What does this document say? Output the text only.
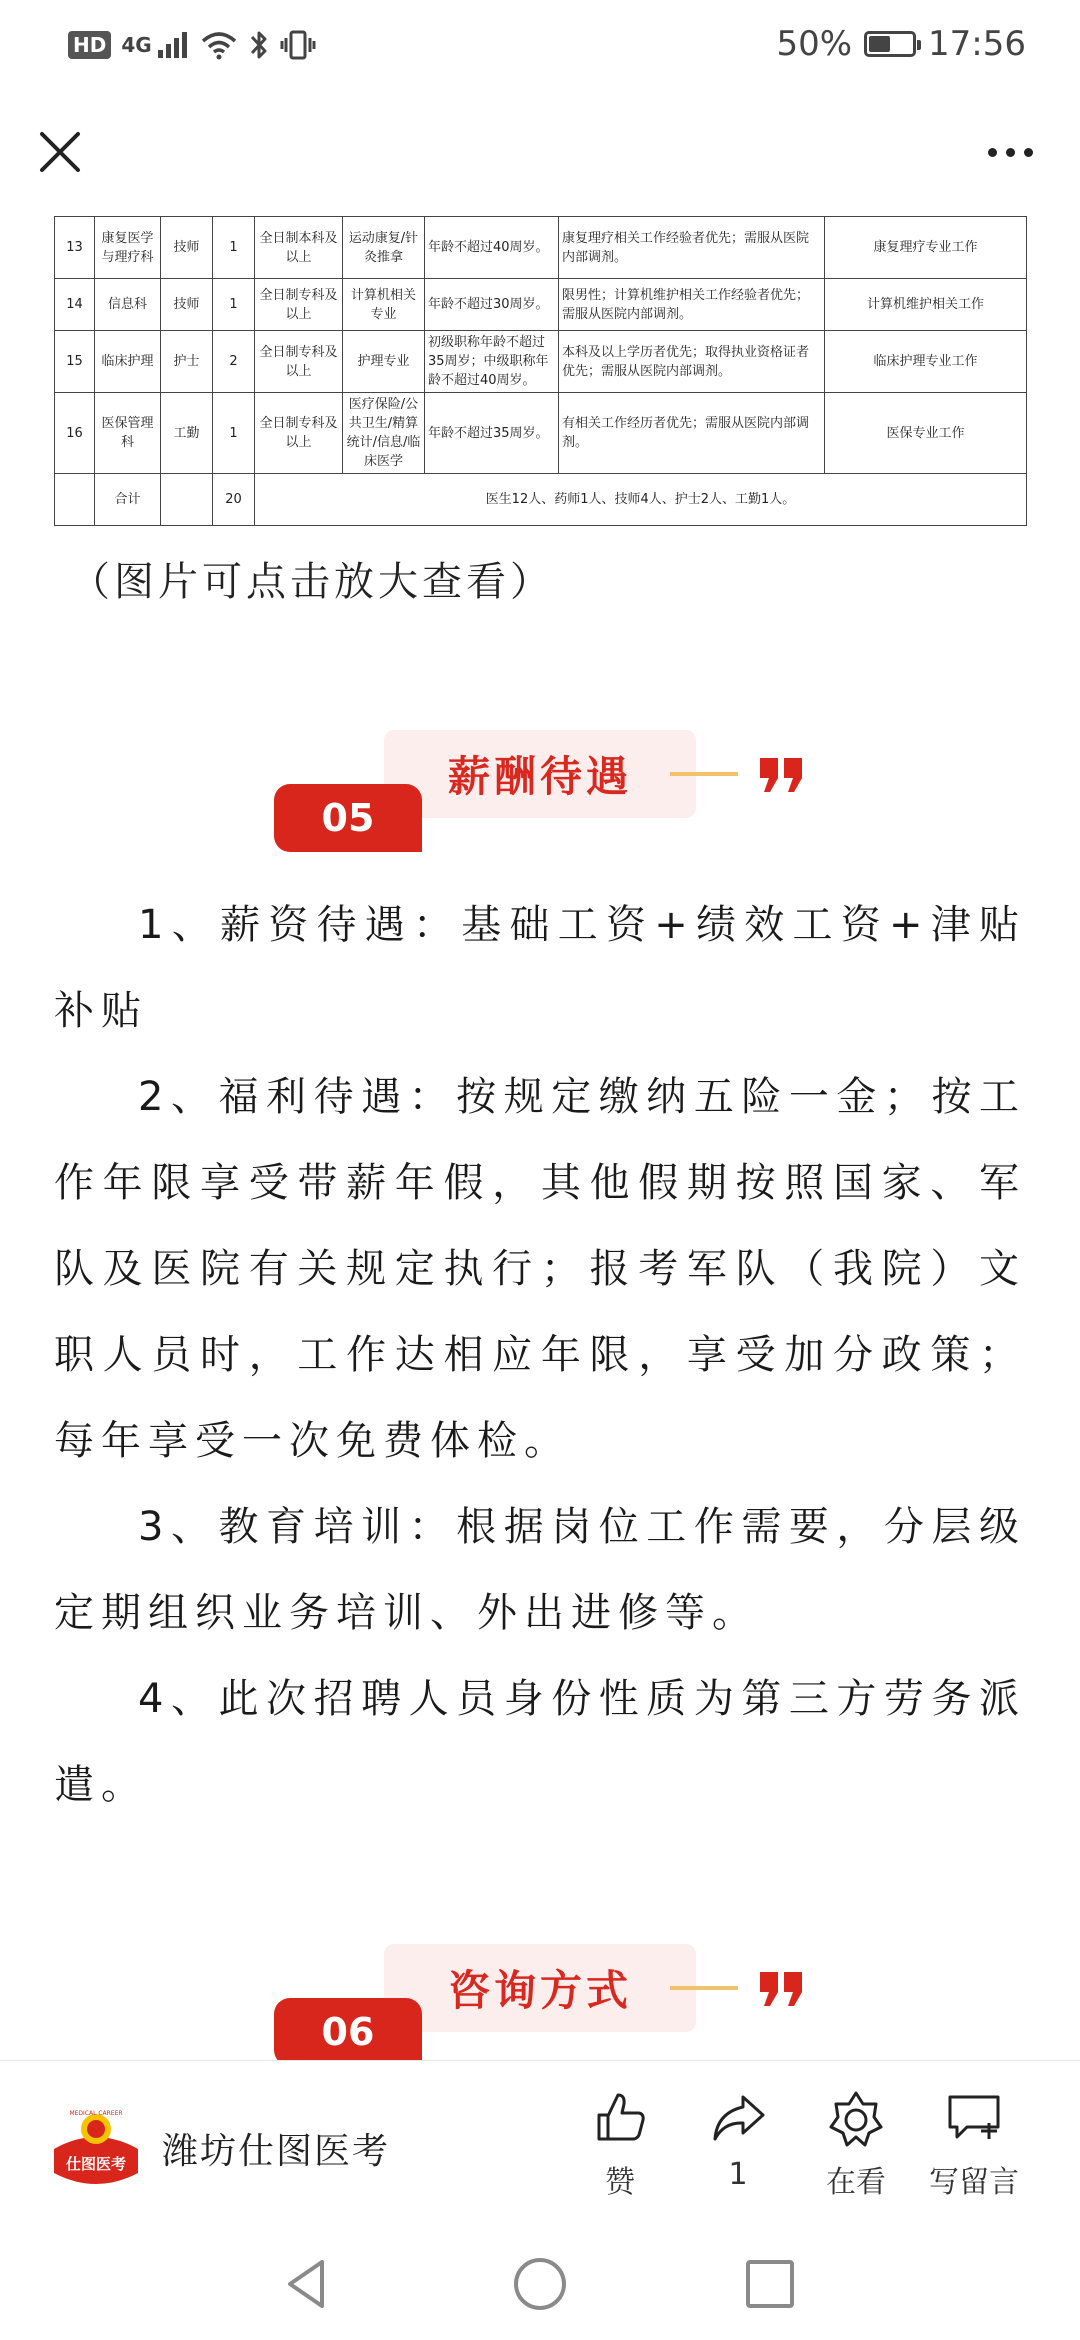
HD 4G	50% 17:56
13	康复医学与理疗科	技师	1	全日制本科及以上	运动康复/针灸推拿	年龄不超过40周岁。	康复理疗相关工作经验者优先；需服从医院内部调剂。	康复理疗专业工作
14	信息科	技师	1	全日制专科及以上	计算机相关专业	年龄不超过30周岁。	限男性；计算机维护相关工作经验者优先；需服从医院内部调剂。	计算机维护相关工作
15	临床护理	护士	2	全日制专科及以上	护理专业	初级职称年龄不超过35周岁；中级职称年龄不超过40周岁。	本科及以上学历者优先；取得执业资格证者优先；需服从医院内部调剂。	临床护理专业工作
16	医保管理科	工勤	1	全日制专科及以上	医疗保险/公共卫生/精算统计/信息/临床医学	年龄不超过35周岁。	有相关工作经历者优先；需服从医院内部调剂。	医保专业工作
	合计		20	医生12人、药师1人、技师4人、护士2人、工勤1人。				
（图片可点击放大查看）
薪酬待遇
05

1、薪资待遇：基础工资+绩效工资+津贴补贴

2、福利待遇：按规定缴纳五险一金；按工作年限享受带薪年假，其他假期按照国家、军队及医院有关规定执行；报考军队（我院）文职人员时，工作达相应年限，享受加分政策；每年享受一次免费体检。

3、教育培训：根据岗位工作需要，分层级定期组织业务培训、外出进修等。

4、此次招聘人员身份性质为第三方劳务派遣。

咨询方式
06
MEDICAL CAREER
仕图医考 潍坊仕图医考
赞	1	在看 写留言
